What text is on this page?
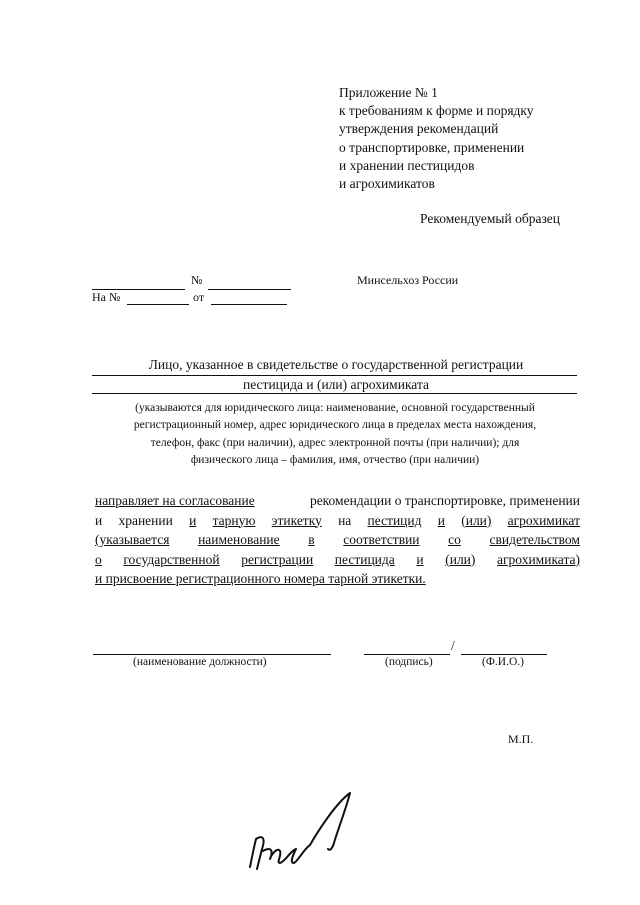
Приложение № 1
к требованиям к форме и порядку
утверждения рекомендаций
о транспортировке, применении
и хранении пестицидов
и агрохимикатов
Рекомендуемый образец
№
На №	от
Минсельхоз России
Лицо, указанное в свидетельстве о государственной регистрации
пестицида и (или) агрохимиката
(указываются для юридического лица: наименование, основной государственный
регистрационный номер, адрес юридического лица в пределах места нахождения,
телефон, факс (при наличии), адрес электронной почты (при наличии); для
физического лица – фамилия, имя, отчество (при наличии)
направляет на согласование	рекомендации о транспортировке, применении
и хранении и тарную этикетку на пестицид и (или) агрохимикат
(указывается наименование в соответствии со свидетельством
о государственной регистрации пестицида и (или) агрохимиката)
и присвоение регистрационного номера тарной этикетки.
(наименование должности)
/
(подпись)	(Ф.И.О.)
М.П.
